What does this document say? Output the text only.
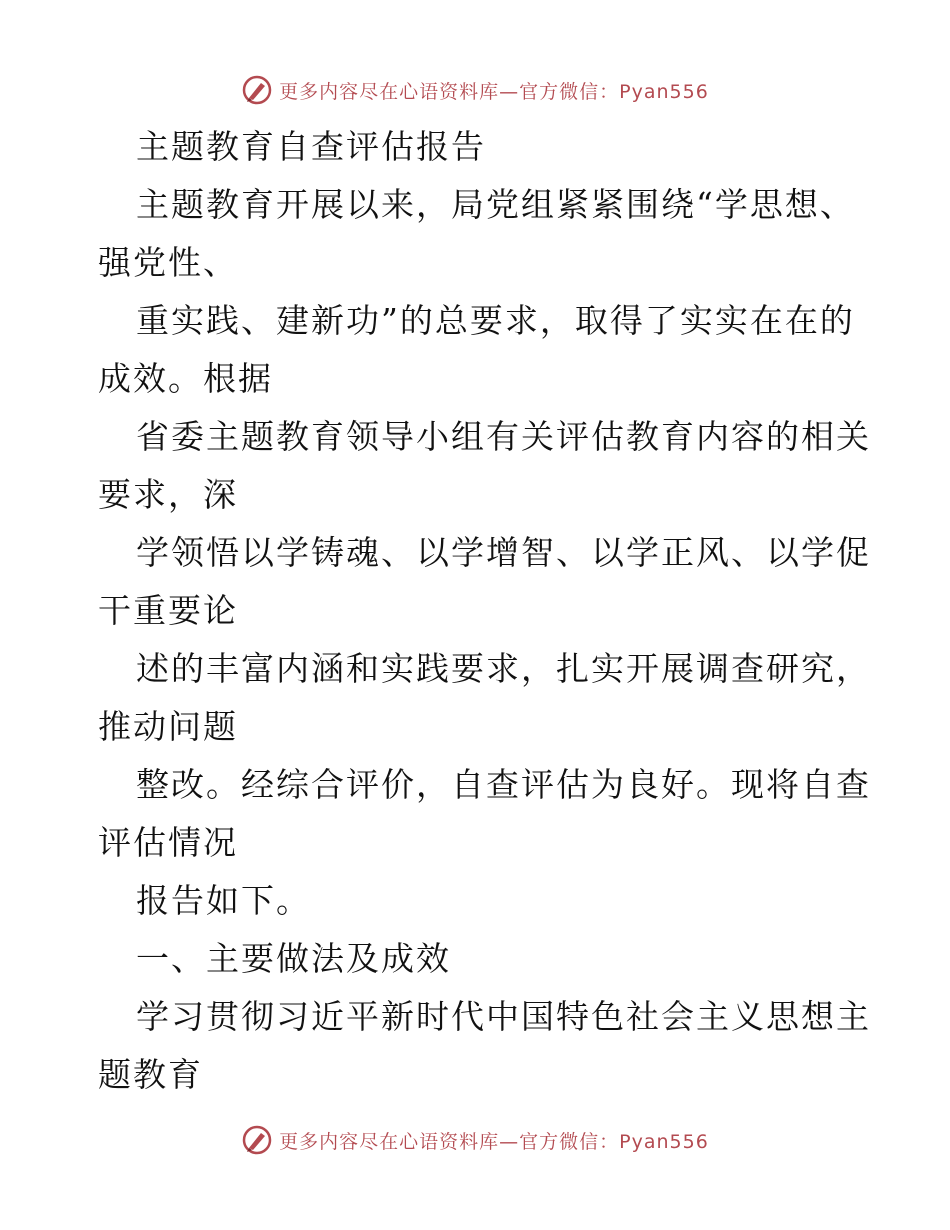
更多内容尽在心语资料库—官方微信：Pyan556
主题教育自查评估报告
主题教育开展以来，局党组紧紧围绕“学思想、
强党性、
重实践、建新功”的总要求，取得了实实在在的
成效。根据
省委主题教育领导小组有关评估教育内容的相关
要求，深
学领悟以学铸魂、以学增智、以学正风、以学促
干重要论
述的丰富内涵和实践要求，扎实开展调查研究，
推动问题
整改。经综合评价，自查评估为良好。现将自查
评估情况
报告如下。
一、主要做法及成效
学习贯彻习近平新时代中国特色社会主义思想主
题教育
更多内容尽在心语资料库—官方微信：Pyan556
